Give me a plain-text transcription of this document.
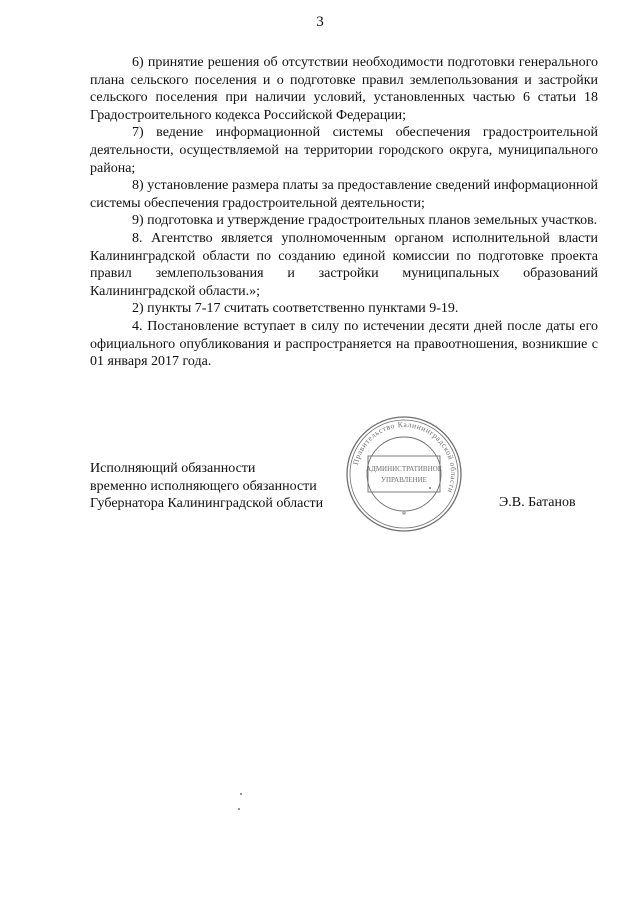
3

6) принятие решения об отсутствии необходимости подготовки генерального плана сельского поселения и о подготовке правил землепользования и застройки сельского поселения при наличии условий, установленных частью 6 статьи 18 Градостроительного кодекса Российской Федерации;

7) ведение информационной системы обеспечения градостроительной деятельности, осуществляемой на территории городского округа, муниципального района;

8) установление размера платы за предоставление сведений информационной системы обеспечения градостроительной деятельности;

9) подготовка и утверждение градостроительных планов земельных участков.

8. Агентство является уполномоченным органом исполнительной власти Калининградской области по созданию единой комиссии по подготовке проекта правил землепользования и застройки муниципальных образований Калининградской области.»;

2) пункты 7-17 считать соответственно пунктами 9-19.

4. Постановление вступает в силу по истечении десяти дней после даты его официального опубликования и распространяется на правоотношения, возникшие с 01 января 2017 года.

Исполняющий обязанности
временно исполняющего обязанности
Губернатора Калининградской области
Правительство Калининградской области
АДМИНИСТРАТИВНОЕ
УПРАВЛЕНИЕ
*
Э.В. Батанов
